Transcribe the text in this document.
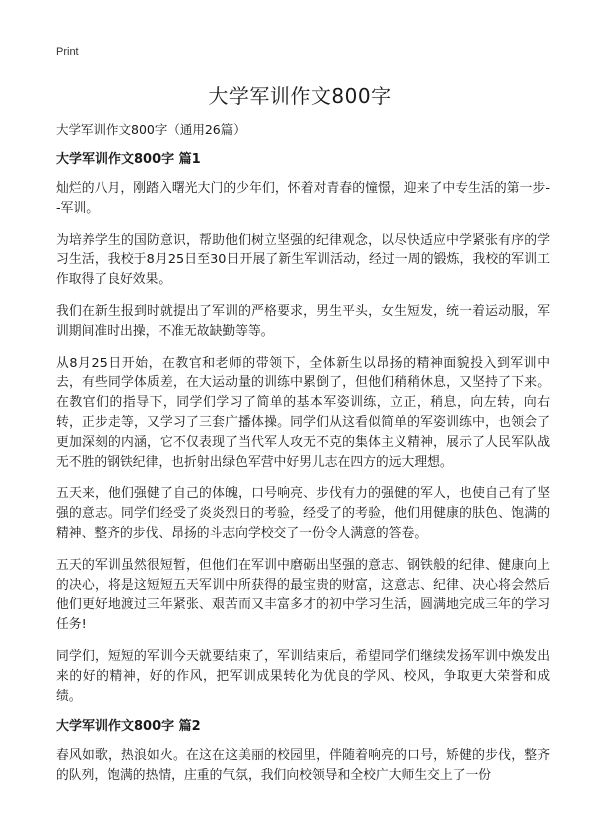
Print
大学军训作文800字

大学军训作文800字（通用26篇）

大学军训作文800字 篇1

灿烂的八月，刚踏入曙光大门的少年们，怀着对青春的憧憬，迎来了中专生活的第一步--军训。

为培养学生的国防意识，帮助他们树立坚强的纪律观念，以尽快适应中学紧张有序的学习生活，我校于8月25日至30日开展了新生军训活动，经过一周的锻炼，我校的军训工作取得了良好效果。

我们在新生报到时就提出了军训的严格要求，男生平头，女生短发，统一着运动服，军训期间准时出操，不准无故缺勤等等。

从8月25日开始，在教官和老师的带领下，全体新生以昂扬的精神面貌投入到军训中去，有些同学体质差，在大运动量的训练中累倒了，但他们稍稍休息，又坚持了下来。在教官们的指导下，同学们学习了简单的基本军姿训练，立正，稍息，向左转，向右转，正步走等，又学习了三套广播体操。同学们从这看似简单的军姿训练中，也领会了更加深刻的内涵，它不仅表现了当代军人攻无不克的集体主义精神，展示了人民军队战无不胜的钢铁纪律，也折射出绿色军营中好男儿志在四方的远大理想。

五天来，他们强健了自己的体魄，口号响亮、步伐有力的强健的军人，也使自己有了坚强的意志。同学们经受了炎炎烈日的考验，经受了的考验，他们用健康的肤色、饱满的精神、整齐的步伐、昂扬的斗志向学校交了一份令人满意的答卷。

五天的军训虽然很短暂，但他们在军训中磨砺出坚强的意志、钢铁般的纪律、健康向上的决心，将是这短短五天军训中所获得的最宝贵的财富，这意志、纪律、决心将会然后他们更好地渡过三年紧张、艰苦而又丰富多才的初中学习生活，圆满地完成三年的学习任务!

同学们，短短的军训今天就要结束了，军训结束后，希望同学们继续发扬军训中焕发出来的好的精神，好的作风，把军训成果转化为优良的学风、校风，争取更大荣誉和成绩。

大学军训作文800字 篇2

春风如歌，热浪如火。在这在这美丽的校园里，伴随着响亮的口号，矫健的步伐，整齐的队列，饱满的热情，庄重的气氛，我们向校领导和全校广大师生交上了一份
